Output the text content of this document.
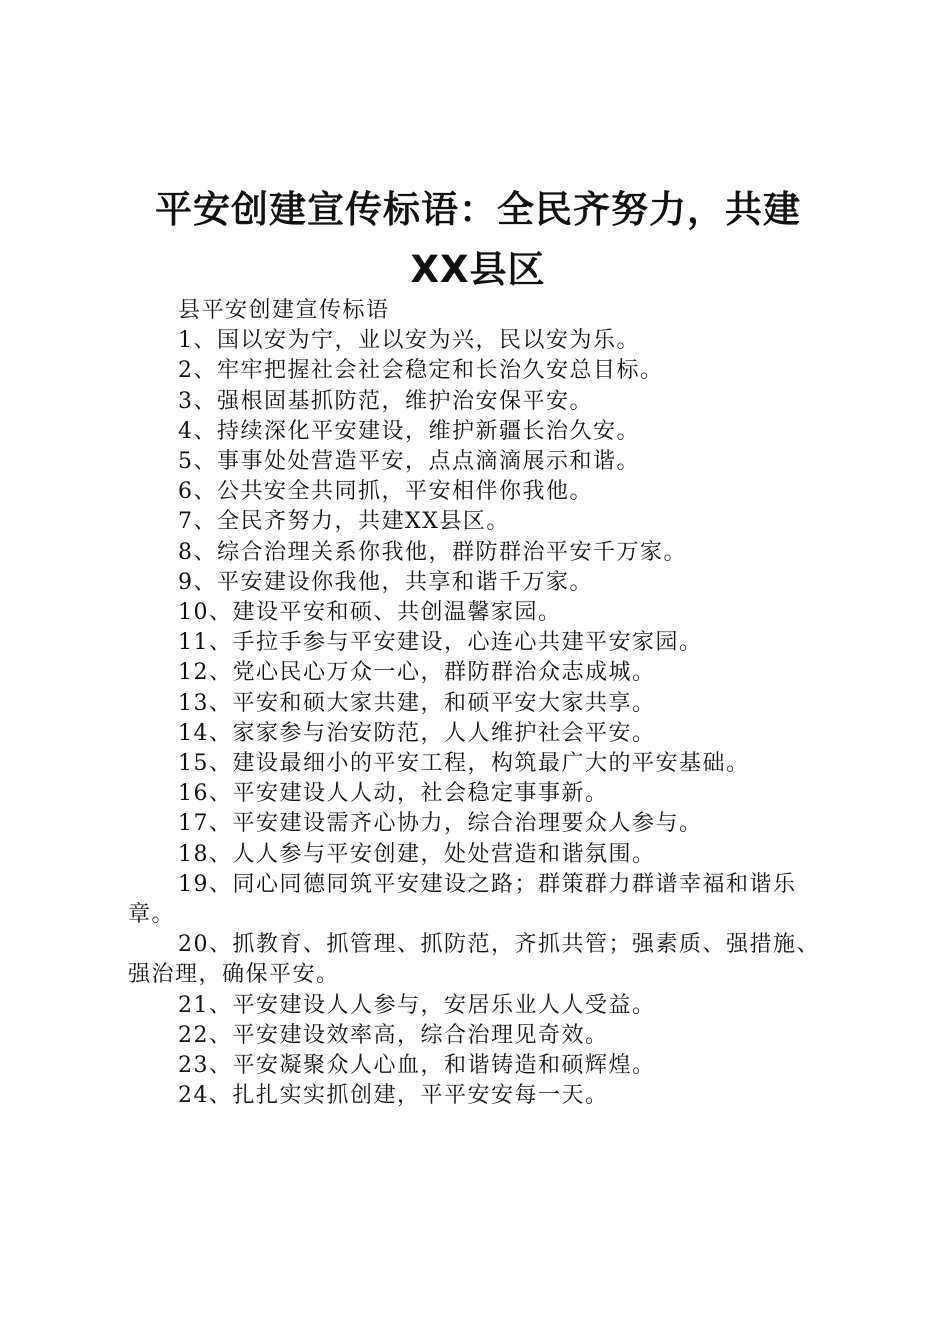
平安创建宣传标语：全民齐努力，共建XX县区

县平安创建宣传标语

1、国以安为宁，业以安为兴，民以安为乐。

2、牢牢把握社会社会稳定和长治久安总目标。

3、强根固基抓防范，维护治安保平安。

4、持续深化平安建设，维护新疆长治久安。

5、事事处处营造平安，点点滴滴展示和谐。

6、公共安全共同抓，平安相伴你我他。

7、全民齐努力，共建XX县区。

8、综合治理关系你我他，群防群治平安千万家。

9、平安建设你我他，共享和谐千万家。

10、建设平安和硕、共创温馨家园。

11、手拉手参与平安建设，心连心共建平安家园。

12、党心民心万众一心，群防群治众志成城。

13、平安和硕大家共建，和硕平安大家共享。

14、家家参与治安防范，人人维护社会平安。

15、建设最细小的平安工程，构筑最广大的平安基础。

16、平安建设人人动，社会稳定事事新。

17、平安建设需齐心协力，综合治理要众人参与。

18、人人参与平安创建，处处营造和谐氛围。

19、同心同德同筑平安建设之路；群策群力群谱幸福和谐乐章。

20、抓教育、抓管理、抓防范，齐抓共管；强素质、强措施、强治理，确保平安。

21、平安建设人人参与，安居乐业人人受益。

22、平安建设效率高，综合治理见奇效。

23、平安凝聚众人心血，和谐铸造和硕辉煌。

24、扎扎实实抓创建，平平安安每一天。
